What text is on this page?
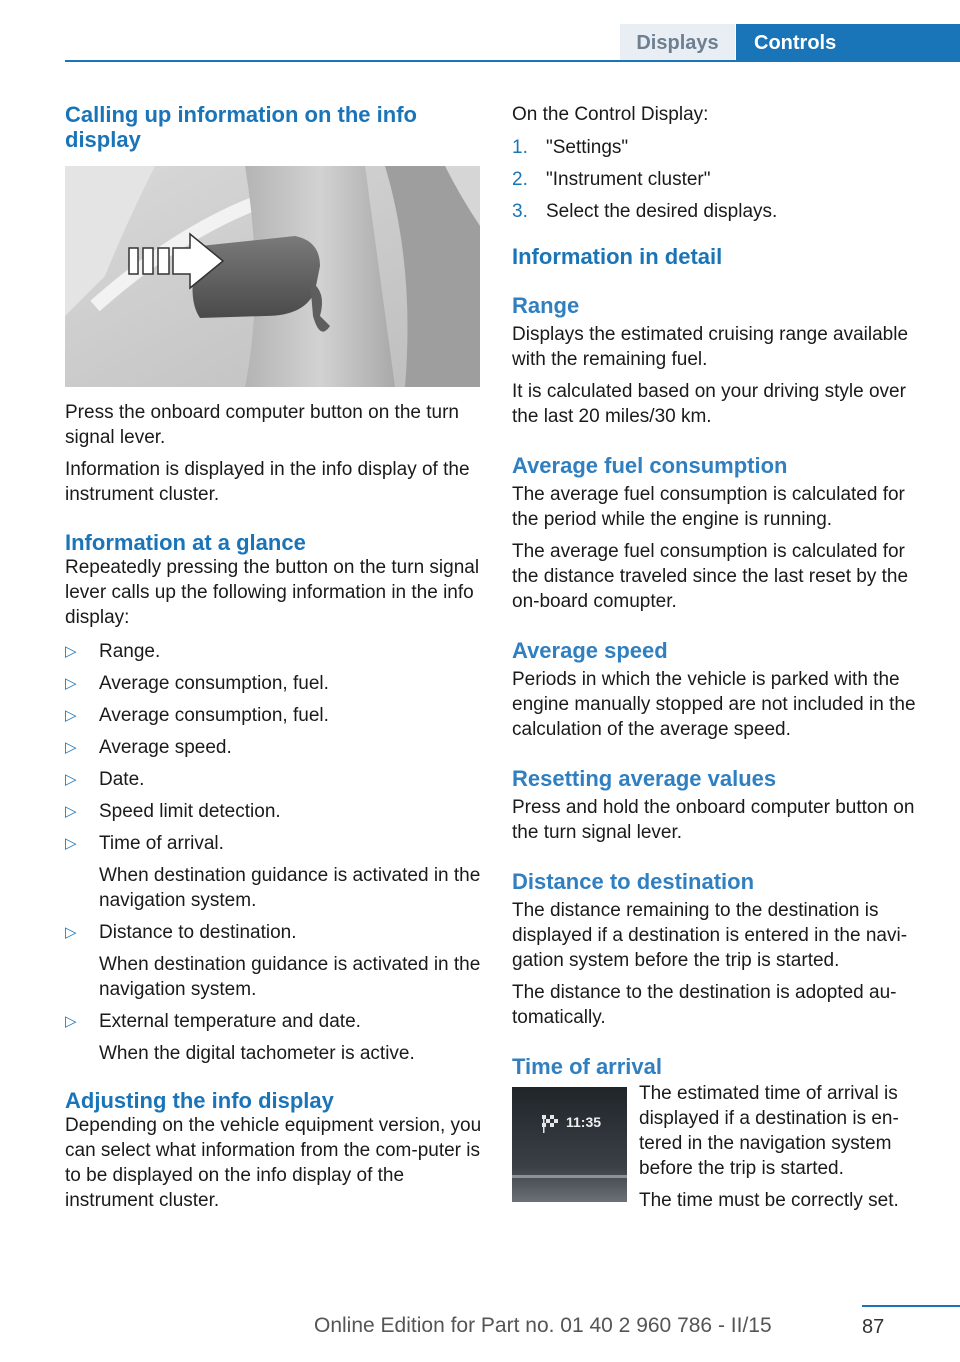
Displays	Controls
Calling up information on the info display

Press the onboard computer button on the turn signal lever.

Information is displayed in the info display of the instrument cluster.

Information at a glance

Repeatedly pressing the button on the turn signal lever calls up the following information in the info display:

▷ Range.
▷ Average consumption, fuel.
▷ Average consumption, fuel.
▷ Average speed.
▷ Date.
▷ Speed limit detection.
▷ Time of arrival.
When destination guidance is activated in the navigation system.
▷ Distance to destination.
When destination guidance is activated in the navigation system.
▷ External temperature and date.
When the digital tachometer is active.
Adjusting the info display

Depending on the vehicle equipment version, you can select what information from the com‐puter is to be displayed on the info display of the instrument cluster.

On the Control Display:

1. "Settings"
2. "Instrument cluster"
3. Select the desired displays.
Information in detail
Range

Displays the estimated cruising range available with the remaining fuel.

It is calculated based on your driving style over the last 20 miles/30 km.

Average fuel consumption

The average fuel consumption is calculated for the period while the engine is running.

The average fuel consumption is calculated for the distance traveled since the last reset by the on-board comupter.

Average speed

Periods in which the vehicle is parked with the engine manually stopped are not included in the calculation of the average speed.

Resetting average values

Press and hold the onboard computer button on the turn signal lever.

Distance to destination

The distance remaining to the destination is displayed if a destination is entered in the navi‐gation system before the trip is started.

The distance to the destination is adopted au‐tomatically.

Time of arrival
11:35

The estimated time of arrival is displayed if a destination is en‐tered in the navigation system before the trip is started.

The time must be correctly set.

87
Online Edition for Part no. 01 40 2 960 786 - II/15
